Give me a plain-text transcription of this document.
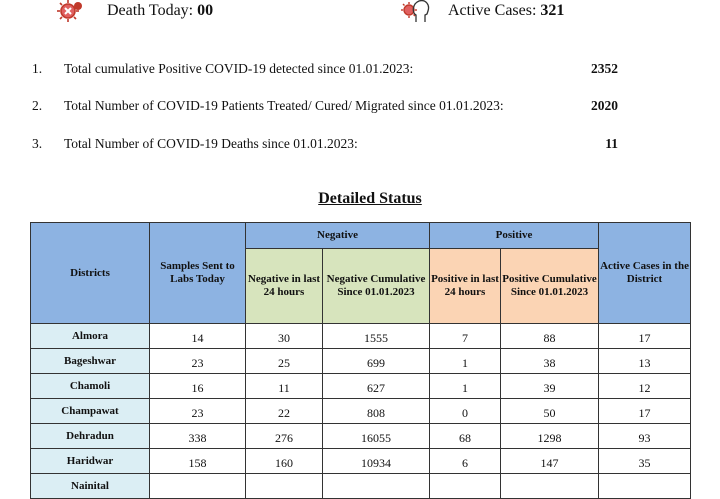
Death Today: 00	Active Cases: 321
1. Total cumulative Positive COVID-19 detected since 01.01.2023:	2352
2. Total Number of COVID-19 Patients Treated/ Cured/ Migrated since 01.01.2023:	2020
3. Total Number of COVID-19 Deaths since 01.01.2023:	11
Detailed Status
Districts	Samples Sent to Labs Today	Negative		Positive		Active Cases in the District
		Negative in last 24 hours	Negative Cumulative Since 01.01.2023	Positive in last 24 hours	Positive Cumulative Since 01.01.2023	
Almora	14	30	1555	7	88	17
Bageshwar	23	25	699	1	38	13
Chamoli	16	11	627	1	39	12
Champawat	23	22	808	0	50	17
Dehradun	338	276	16055	68	1298	93
Haridwar	158	160	10934	6	147	35
Nainital						
